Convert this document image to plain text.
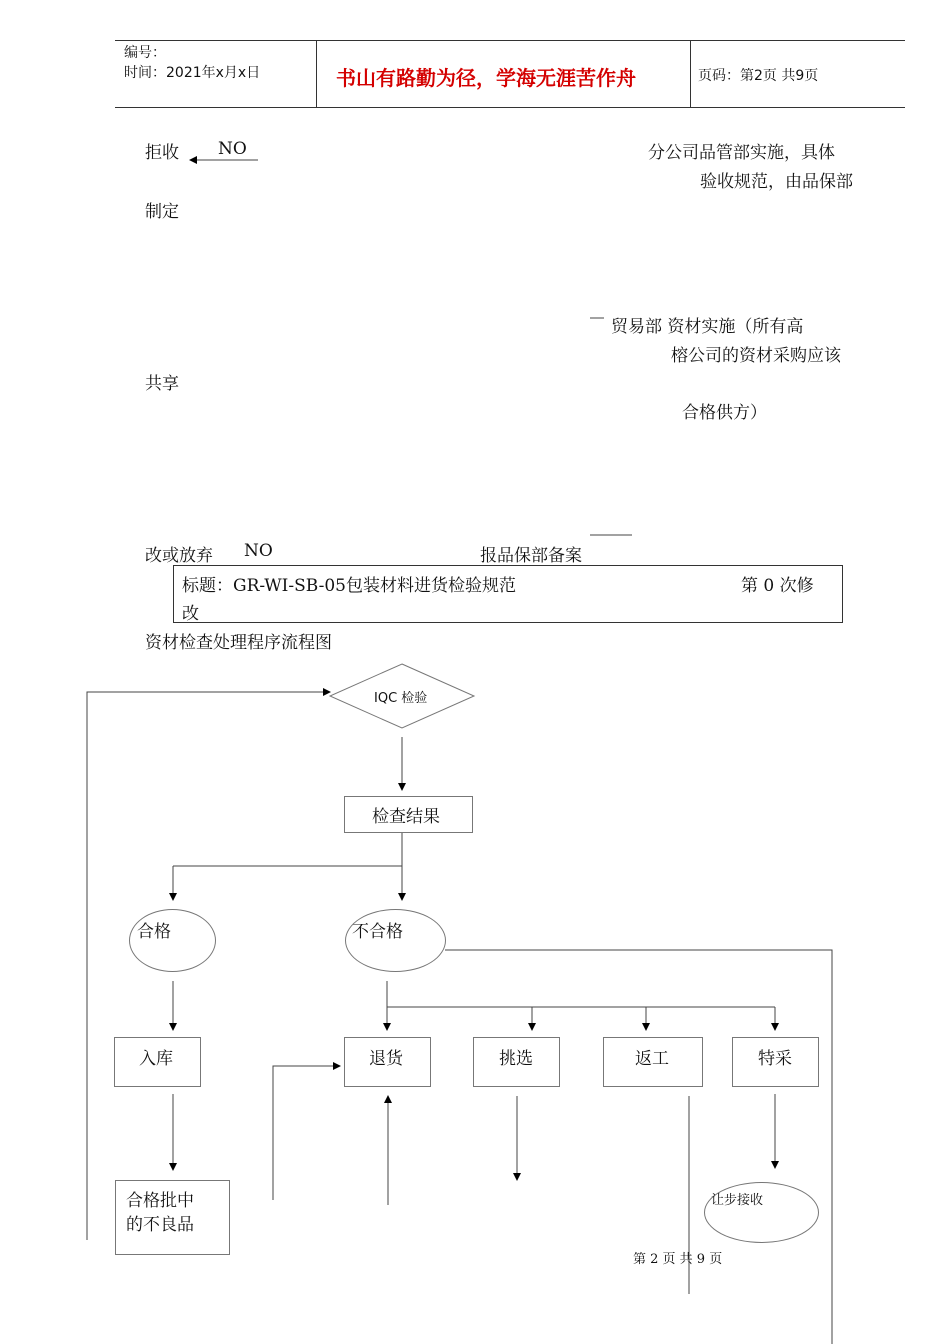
编号：
时间：2021年x月x日	书山有路勤为径，学海无涯苦作舟	页码：第2页 共9页
拒收 NO	分公司品管部实施，具体
验收规范，由品保部
制定
贸易部 资材实施（所有高
榕公司的资材采购应该
共享
合格供方）
改或放弃 NO	报品保部备案
标题：GR-WI-SB-05包装材料进货检验规范	第 0 次修
改
资材检查处理程序流程图
IQC 检验
检查结果
合格	不合格
入库
合格批中
的不良品
退货	挑选	返工	特采
让步接收
第 2 页 共 9 页
